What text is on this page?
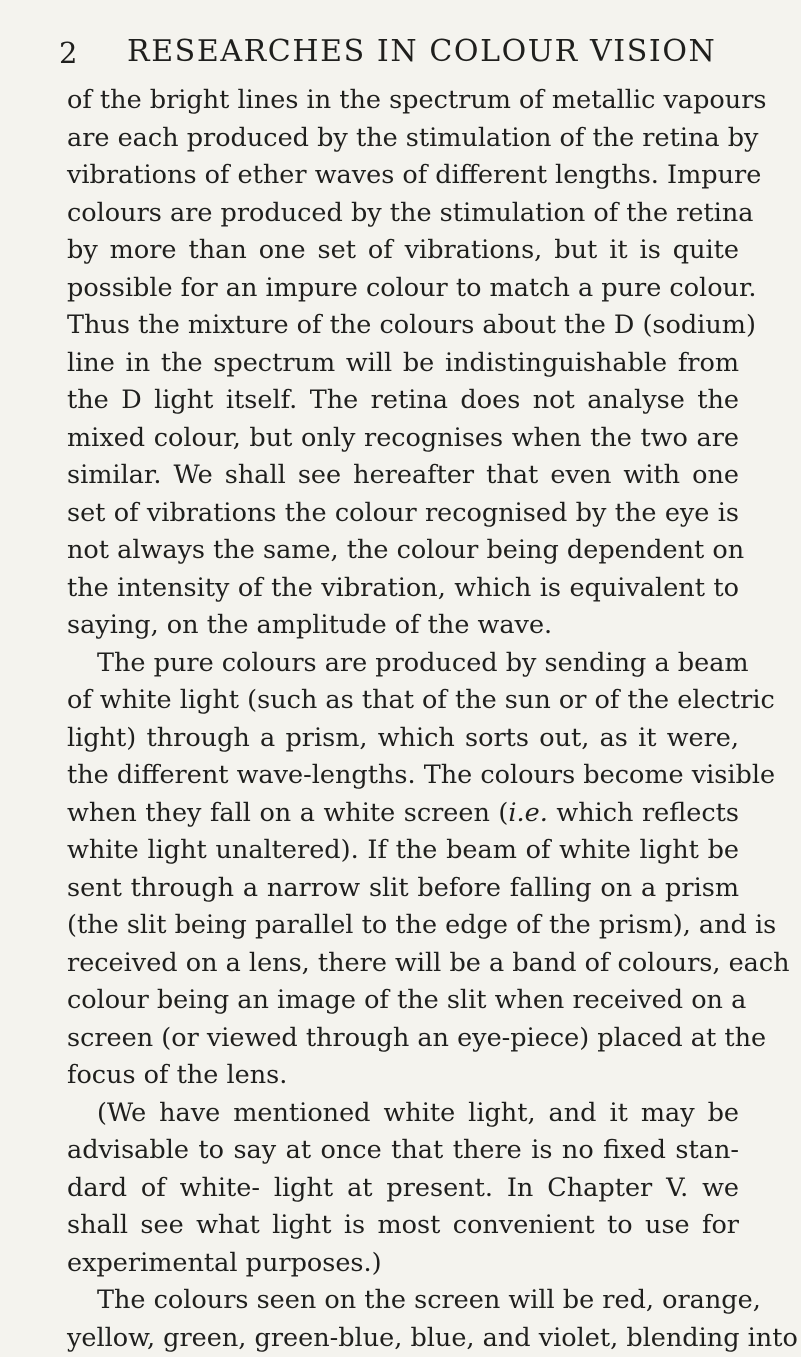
2 RESEARCHES IN COLOUR VISION
of the bright lines in the spectrum of metallic vapours
are each produced by the stimulation of the retina by
vibrations of ether waves of different lengths. Impure
colours are produced by the stimulation of the retina
by more than one set of vibrations, but it is quite
possible for an impure colour to match a pure colour.
Thus the mixture of the colours about the D (sodium)
line in the spectrum will be indistinguishable from
the D light itself. The retina does not analyse the
mixed colour, but only recognises when the two are
similar. We shall see hereafter that even with one
set of vibrations the colour recognised by the eye is
not always the same, the colour being dependent on
the intensity of the vibration, which is equivalent to
saying, on the amplitude of the wave.
The pure colours are produced by sending a beam
of white light (such as that of the sun or of the electric
light) through a prism, which sorts out, as it were,
the different wave-lengths. The colours become visible
when they fall on a white screen (i.e. which reflects
white light unaltered). If the beam of white light be
sent through a narrow slit before falling on a prism
(the slit being parallel to the edge of the prism), and is
received on a lens, there will be a band of colours, each
colour being an image of the slit when received on a
screen (or viewed through an eye-piece) placed at the
focus of the lens.
(We have mentioned white light, and it may be
advisable to say at once that there is no fixed stan-
dard of white- light at present. In Chapter V. we
shall see what light is most convenient to use for
experimental purposes.)
The colours seen on the screen will be red, orange,
yellow, green, green-blue, blue, and violet, blending into
